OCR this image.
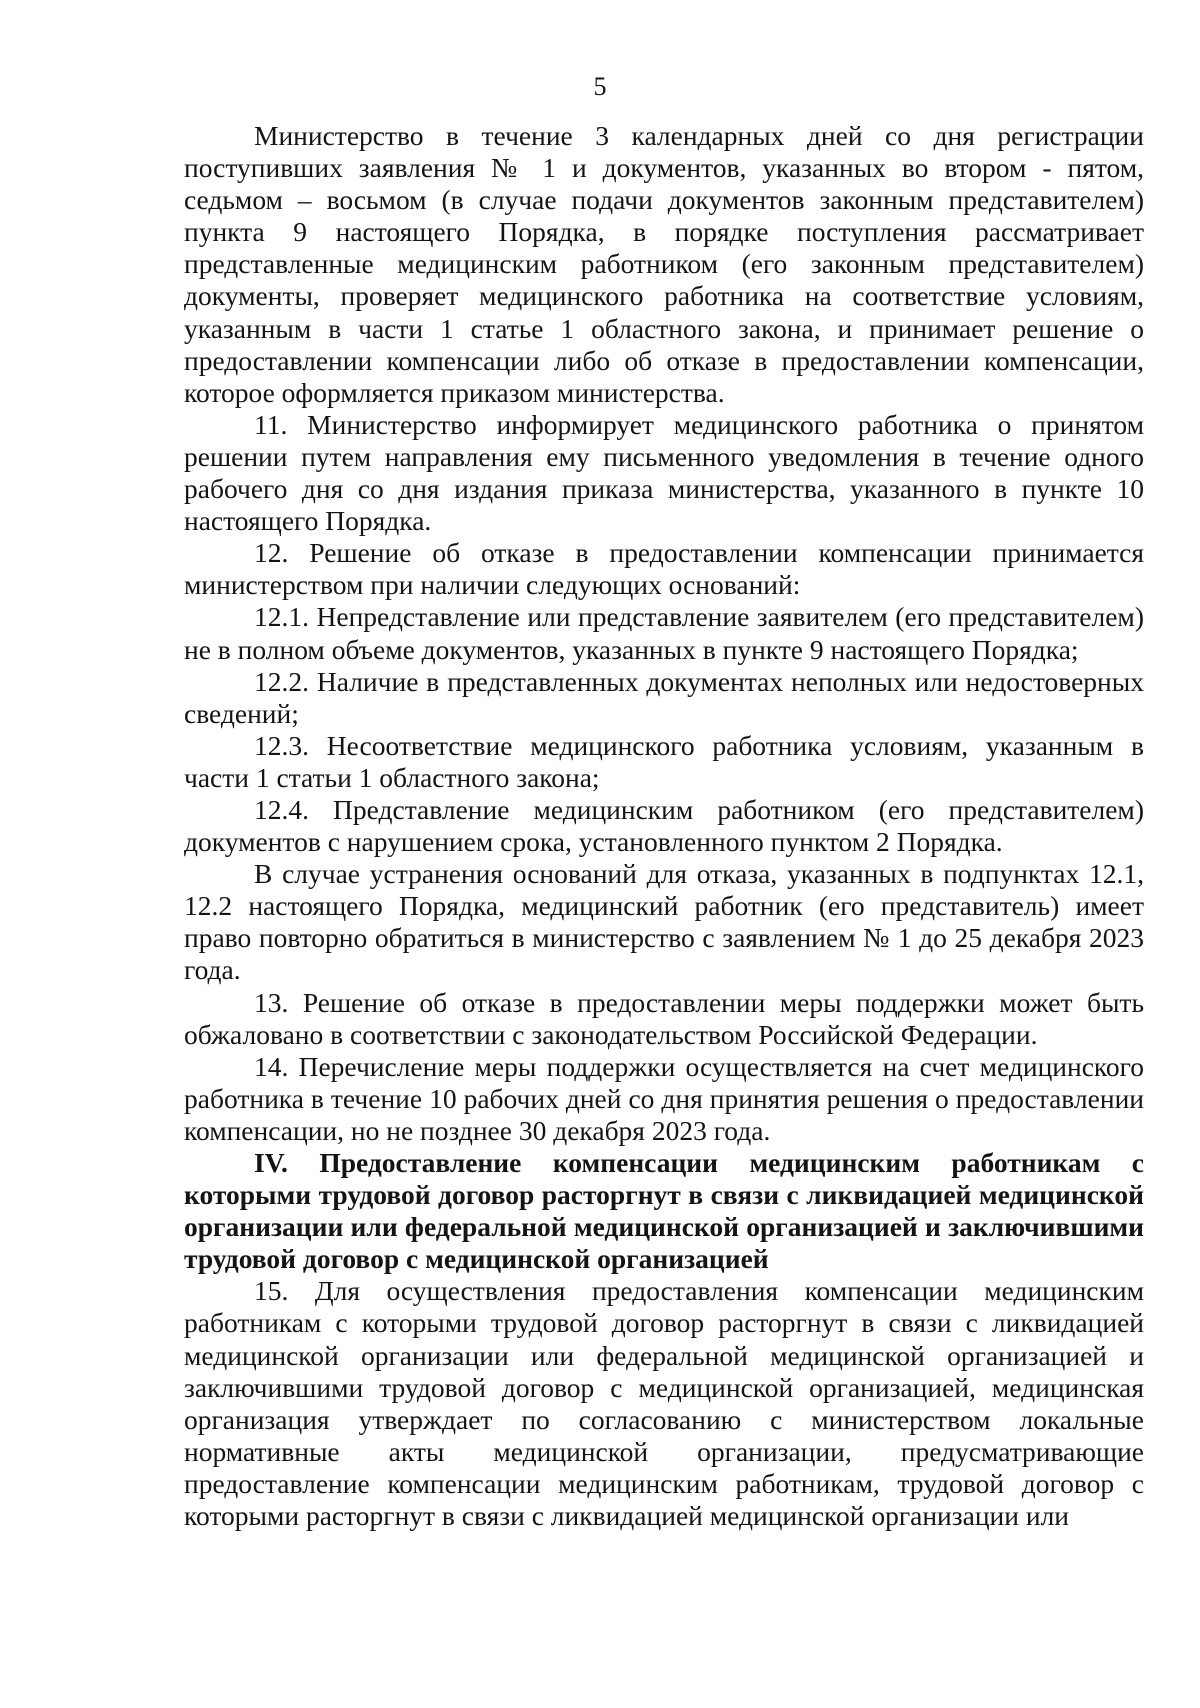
5

Министерство в течение 3 календарных дней со дня регистрации поступивших заявления № 1 и документов, указанных во втором - пятом, седьмом – восьмом (в случае подачи документов законным представителем) пункта 9 настоящего Порядка, в порядке поступления рассматривает представленные медицинским работником (его законным представителем) документы, проверяет медицинского работника на соответствие условиям, указанным в части 1 статье 1 областного закона, и принимает решение о предоставлении компенсации либо об отказе в предоставлении компенсации, которое оформляется приказом министерства.

11. Министерство информирует медицинского работника о принятом решении путем направления ему письменного уведомления в течение одного рабочего дня со дня издания приказа министерства, указанного в пункте 10 настоящего Порядка.

12. Решение об отказе в предоставлении компенсации принимается министерством при наличии следующих оснований:

12.1. Непредставление или представление заявителем (его представителем) не в полном объеме документов, указанных в пункте 9 настоящего Порядка;

12.2. Наличие в представленных документах неполных или недостоверных сведений;

12.3. Несоответствие медицинского работника условиям, указанным в части 1 статьи 1 областного закона;

12.4. Представление медицинским работником (его представителем) документов с нарушением срока, установленного пунктом 2 Порядка.

В случае устранения оснований для отказа, указанных в подпунктах 12.1, 12.2 настоящего Порядка, медицинский работник (его представитель) имеет право повторно обратиться в министерство с заявлением № 1 до 25 декабря 2023 года.

13. Решение об отказе в предоставлении меры поддержки может быть обжаловано в соответствии с законодательством Российской Федерации.

14. Перечисление меры поддержки осуществляется на счет медицинского работника в течение 10 рабочих дней со дня принятия решения о предоставлении компенсации, но не позднее 30 декабря 2023 года.

IV. Предоставление компенсации медицинским работникам с которыми трудовой договор расторгнут в связи с ликвидацией медицинской организации или федеральной медицинской организацией и заключившими трудовой договор с медицинской организацией

15. Для осуществления предоставления компенсации медицинским работникам с которыми трудовой договор расторгнут в связи с ликвидацией медицинской организации или федеральной медицинской организацией и заключившими трудовой договор с медицинской организацией, медицинская организация утверждает по согласованию с министерством локальные нормативные акты медицинской организации, предусматривающие предоставление компенсации медицинским работникам, трудовой договор с которыми расторгнут в связи с ликвидацией медицинской организации или
